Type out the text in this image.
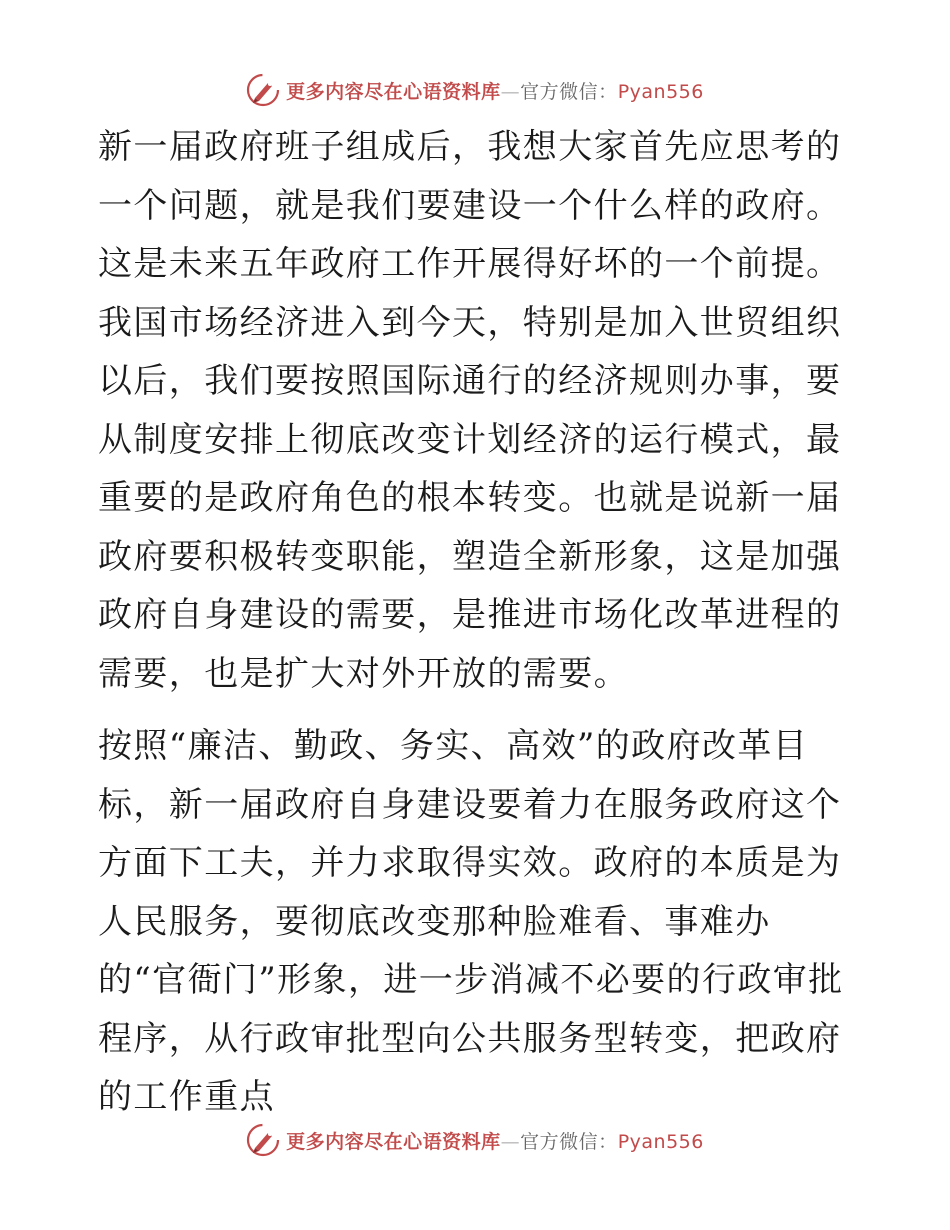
更多内容尽在心语资料库—官方微信：Pyan556

新一届政府班子组成后，我想大家首先应思考的一个问题，就是我们要建设一个什么样的政府。这是未来五年政府工作开展得好坏的一个前提。我国市场经济进入到今天，特别是加入世贸组织以后，我们要按照国际通行的经济规则办事，要从制度安排上彻底改变计划经济的运行模式，最重要的是政府角色的根本转变。也就是说新一届政府要积极转变职能，塑造全新形象，这是加强政府自身建设的需要，是推进市场化改革进程的需要，也是扩大对外开放的需要。

按照“廉洁、勤政、务实、高效”的政府改革目标，新一届政府自身建设要着力在服务政府这个方面下工夫，并力求取得实效。政府的本质是为人民服务，要彻底改变那种脸难看、事难办的“官衙门”形象，进一步消减不必要的行政审批程序，从行政审批型向公共服务型转变，把政府的工作重点

更多内容尽在心语资料库—官方微信：Pyan556
